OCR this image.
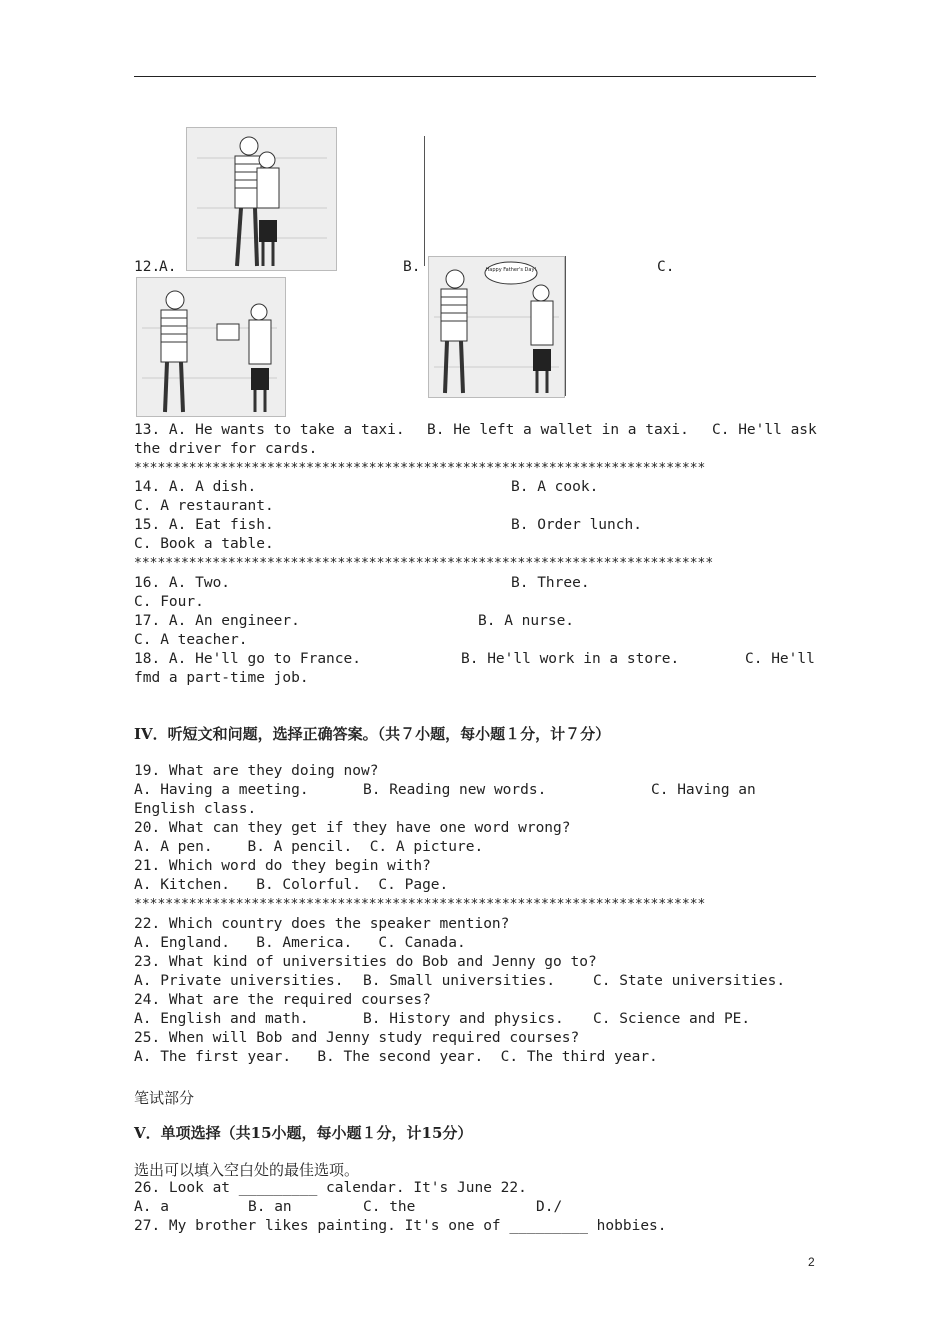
12.
A.	B.	C.
Happy Father's Day!
13. A. He wants to take a taxi. B. He left a wallet in a taxi. C. He'll ask
the driver for cards.
*************************************************************************
14. A. A dish.	B. A cook.
C. A restaurant.
15. A. Eat fish.	B. Order lunch.
C. Book a table.
**************************************************************************
16. A. Two.	B. Three.
C. Four.
17. A. An engineer.	B. A nurse.
C. A teacher.
18. A. He'll go to France.	B. He'll work in a store.	C. He'll
fmd a part-time job.
IV．听短文和问题，选择正确答案。（共７小题，每小题１分，计７分）
19. What are they doing now?
A. Having a meeting.	B. Reading new words.	C. Having an
English class.
20. What can they get if they have one word wrong?
A. A pen.    B. A pencil.  C. A picture.
21. Which word do they begin with?
A. Kitchen.   B. Colorful.  C. Page.
*************************************************************************
22. Which country does the speaker mention?
A. England.   B. America.   C. Canada.
23. What kind of universities do Bob and Jenny go to?
A. Private universities. B. Small universities.	C. State universities.
24. What are the required courses?
A. English and math.	B. History and physics. C. Science and PE.
25. When will Bob and Jenny study required courses?
A. The first year.   B. The second year.  C. The third year.
笔试部分
V．单项选择（共15小题，每小题１分，计15分）
选出可以填入空白处的最佳选项。
26. Look at _________ calendar. It's June 22.
A. a	B. an	C. the	D./
27. My brother likes painting. It's one of _________ hobbies.
2
